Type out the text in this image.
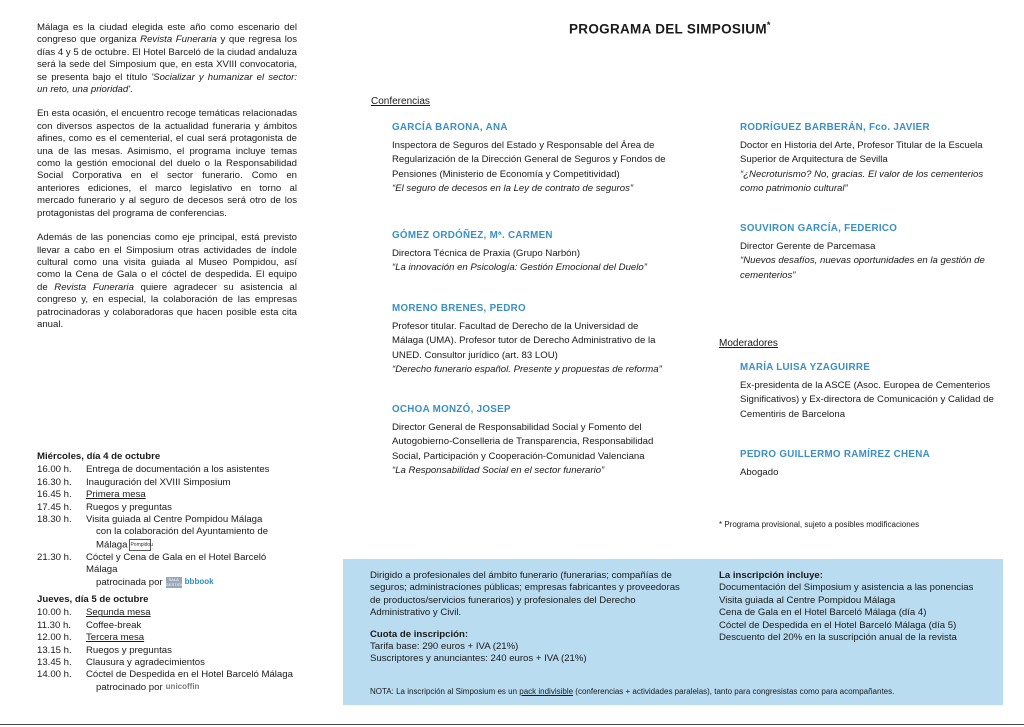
Málaga es la ciudad elegida este año como escenario del congreso que organiza Revista Funeraria y que regresa los días 4 y 5 de octubre. El Hotel Barceló de la ciudad andaluza será la sede del Simposium que, en esta XVIII convocatoria, se presenta bajo el título 'Socializar y humanizar el sector: un reto, una prioridad'.

En esta ocasión, el encuentro recoge temáticas relacionadas con diversos aspectos de la actualidad funeraria y ámbitos afines, como es el cementerial, el cual será protagonista de una de las mesas. Asimismo, el programa incluye temas como la gestión emocional del duelo o la Responsabilidad Social Corporativa en el sector funerario. Como en anteriores ediciones, el marco legislativo en torno al mercado funerario y al seguro de decesos será otro de los protagonistas del programa de conferencias.

Además de las ponencias como eje principal, está previsto llevar a cabo en el Simposium otras actividades de índole cultural como una visita guiada al Museo Pompidou, así como la Cena de Gala o el cóctel de despedida. El equipo de Revista Funeraria quiere agradecer su asistencia al congreso y, en especial, la colaboración de las empresas patrocinadoras y colaboradoras que hacen posible esta cita anual.

Miércoles, día 4 de octubre
16.00 h.	Entrega de documentación a los asistentes
16.30 h.	Inauguración del XVIII Simposium
16.45 h.	Primera mesa
17.45 h.	Ruegos y preguntas
18.30 h.	Visita guiada al Centre Pompidou Málaga
con la colaboración del Ayuntamiento de Málaga Pompidou
21.30 h.	Cóctel y Cena de Gala en el Hotel Barceló Málaga
patrocinada por SALA GESTIÓNbbbook
Jueves, día 5 de octubre
10.00 h.	Segunda mesa
11.30 h.	Coffee-break
12.00 h.	Tercera mesa
13.15 h.	Ruegos y preguntas
13.45 h.	Clausura y agradecimientos
14.00 h.	Cóctel de Despedida en el Hotel Barceló Málaga
patrocinado por unicoffin
PROGRAMA DEL SIMPOSIUM*
Conferencias
Moderadores
GARCÍA BARONA, ANA
Inspectora de Seguros del Estado y Responsable del Área de Regularización de la Dirección General de Seguros y Fondos de Pensiones (Ministerio de Economía y Competitividad)
“El seguro de decesos en la Ley de contrato de seguros”
GÓMEZ ORDÓÑEZ, Mª. CARMEN
Directora Técnica de Praxia (Grupo Narbón)
“La innovación en Psicología: Gestión Emocional del Duelo”
MORENO BRENES, PEDRO
Profesor titular. Facultad de Derecho de la Universidad de Málaga (UMA). Profesor tutor de Derecho Administrativo de la UNED. Consultor jurídico (art. 83 LOU)
“Derecho funerario español. Presente y propuestas de reforma”
OCHOA MONZÓ, JOSEP
Director General de Responsabilidad Social y Fomento del Autogobierno-Conselleria de Transparencia, Responsabilidad Social, Participación y Cooperación-Comunidad Valenciana
“La Responsabilidad Social en el sector funerario”
RODRÍGUEZ BARBERÁN, Fco. JAVIER
Doctor en Historia del Arte, Profesor Titular de la Escuela Superior de Arquitectura de Sevilla
“¿Necroturismo? No, gracias. El valor de los cementerios como patrimonio cultural”
SOUVIRON GARCÍA, FEDERICO
Director Gerente de Parcemasa
“Nuevos desafíos, nuevas oportunidades en la gestión de cementerios”
MARÍA LUISA YZAGUIRRE
Ex-presidenta de la ASCE (Asoc. Europea de Cementerios Significativos) y Ex-directora de Comunicación y Calidad de Cementiris de Barcelona
PEDRO GUILLERMO RAMÍREZ CHENA
Abogado
* Programa provisional, sujeto a posibles modificaciones

Dirigido a profesionales del ámbito funerario (funerarias; compañías de seguros; administraciones públicas; empresas fabricantes y proveedoras de productos/servicios funerarios) y profesionales del Derecho Administrativo y Civil.

Cuota de inscripción:

Tarifa base: 290 euros + IVA (21%)

Suscriptores y anunciantes: 240 euros + IVA (21%)

La inscripción incluye:

Documentación del Simposium y asistencia a las ponencias
Visita guiada al Centre Pompidou Málaga
Cena de Gala en el Hotel Barceló Málaga (día 4)
Cóctel de Despedida en el Hotel Barceló Málaga (día 5)
Descuento del 20% en la suscripción anual de la revista
NOTA: La inscripción al Simposium es un pack indivisible (conferencias + actividades paralelas), tanto para congresistas como para acompañantes.
